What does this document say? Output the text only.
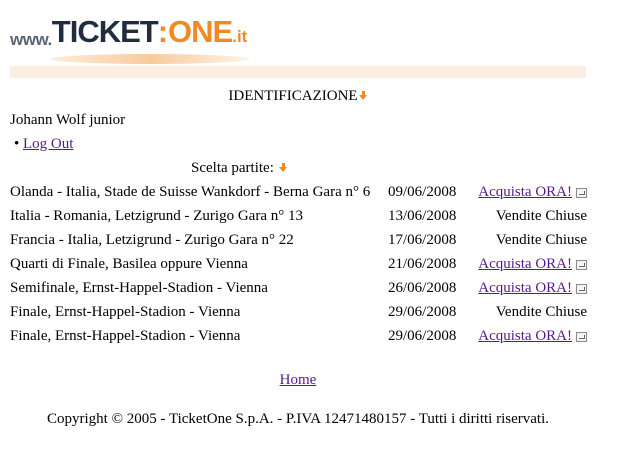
www.TICKET:ONE.it
IDENTIFICAZIONE
Johann Wolf junior
• Log Out
Scelta partite:
Olanda - Italia, Stade de Suisse Wankdorf - Berna Gara n° 6 09/06/2008 Acquista ORA!
Italia - Romania, Letzigrund - Zurigo Gara n° 13	13/06/2008	Vendite Chiuse
Francia - Italia, Letzigrund - Zurigo Gara n° 22	17/06/2008	Vendite Chiuse
Quarti di Finale, Basilea oppure Vienna	21/06/2008 Acquista ORA!
Semifinale, Ernst-Happel-Stadion - Vienna	26/06/2008 Acquista ORA!
Finale, Ernst-Happel-Stadion - Vienna	29/06/2008	Vendite Chiuse
Finale, Ernst-Happel-Stadion - Vienna	29/06/2008 Acquista ORA!
Home
Copyright © 2005 - TicketOne S.p.A. - P.IVA 12471480157 - Tutti i diritti riservati.
